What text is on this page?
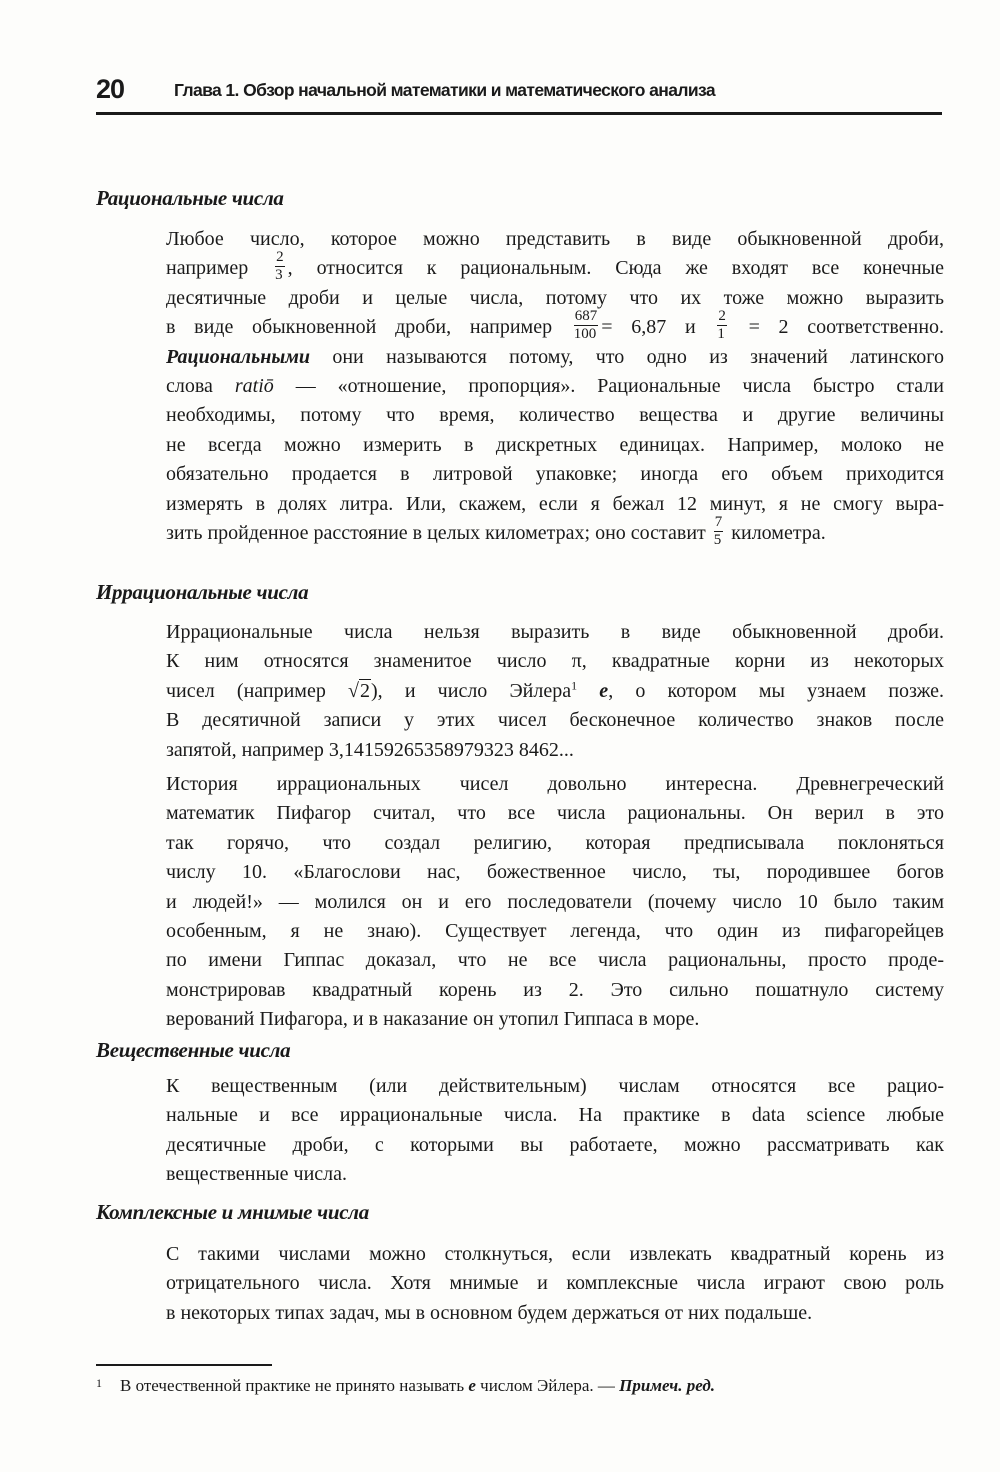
20	Глава 1. Обзор начальной математики и математического анализа
Рациональные числа
Любое число, которое можно представить в виде обыкновенной дроби,
например $\frac{2}{3}$ , относится к рациональным. Сюда же входят все конечные
десятичные дроби и целые числа, потому что их тоже можно выразить
в виде обыкновенной дроби, например $\frac{687}{100} = 6,87$ и $\frac{2}{1} = 2$ соответственно.
Рациональными они называются потому, что одно из значений латинского
слова ratiō — «отношение, пропорция». Рациональные числа быстро стали
необходимы, потому что время, количество вещества и другие величины
не всегда можно измерить в дискретных единицах. Например, молоко не
обязательно продается в литровой упаковке; иногда его объем приходится
измерять в долях литра. Или, скажем, если я бежал 12 минут, я не смогу выра-
зить пройденное расстояние в целых километрах; оно составит $\frac{7}{5}$ километра.
Иррациональные числа
Иррациональные числа нельзя выразить в виде обыкновенной дроби.
К ним относятся знаменитое число π, квадратные корни из некоторых
чисел (например √2), и число Эйлера$^1$ e, о котором мы узнаем позже.
В десятичной записи у этих чисел бесконечное количество знаков после
запятой, например 3,14159265358979323 8462...
История иррациональных чисел довольно интересна. Древнегреческий
математик Пифагор считал, что все числа рациональны. Он верил в это
так горячо, что создал религию, которая предписывала поклоняться
числу 10. «Благослови нас, божественное число, ты, породившее богов
и людей!» — молился он и его последователи (почему число 10 было таким
особенным, я не знаю). Существует легенда, что один из пифагорейцев
по имени Гиппас доказал, что не все числа рациональны, просто проде-
монстрировав квадратный корень из 2. Это сильно пошатнуло систему
верований Пифагора, и в наказание он утопил Гиппаса в море.
Вещественные числа
К вещественным (или действительным) числам относятся все рацио-
нальные и все иррациональные числа. На практике в data science любые
десятичные дроби, с которыми вы работаете, можно рассматривать как
вещественные числа.
Комплексные и мнимые числа
С такими числами можно столкнуться, если извлекать квадратный корень из
отрицательного числа. Хотя мнимые и комплексные числа играют свою роль
в некоторых типах задач, мы в основном будем держаться от них подальше.
1 В отечественной практике не принято называть e числом Эйлера. — Примеч. ред.
